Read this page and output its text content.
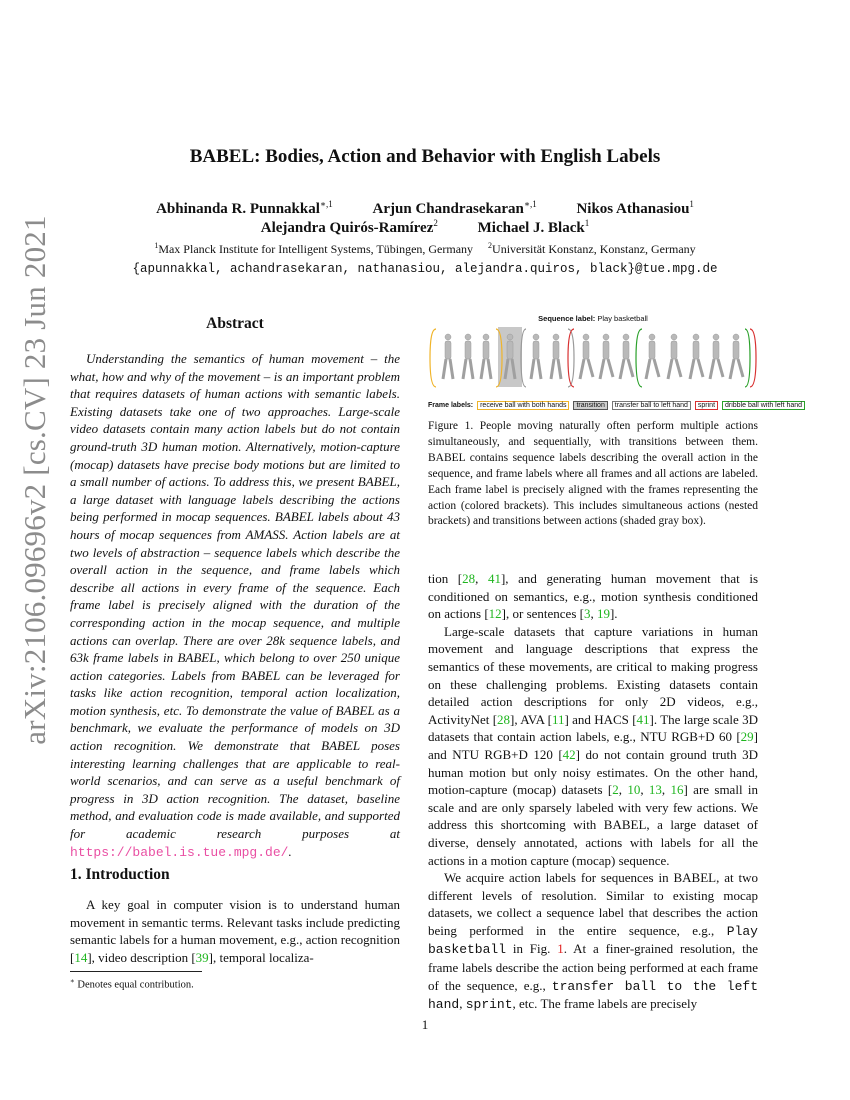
arXiv:2106.09696v2 [cs.CV] 23 Jun 2021
BABEL: Bodies, Action and Behavior with English Labels
Abhinanda R. Punnakkal$^{∗,1}$	Arjun Chandrasekaran$^{∗,1}$	Nikos Athanasiou$^1$
Alejandra Quirós-Ramírez$^2$	Michael J. Black$^1$
$^1$Max Planck Institute for Intelligent Systems, Tübingen, Germany $^2$Universität Konstanz, Konstanz, Germany
{apunnakkal, achandrasekaran, nathanasiou, alejandra.quiros, black}@tue.mpg.de
Abstract

Understanding the semantics of human movement – the what, how and why of the movement – is an important problem that requires datasets of human actions with semantic labels. Existing datasets take one of two approaches. Large-scale video datasets contain many action labels but do not contain ground-truth 3D human motion. Alternatively, motion-capture (mocap) datasets have precise body motions but are limited to a small number of actions. To address this, we present BABEL, a large dataset with language labels describing the actions being performed in mocap sequences. BABEL labels about 43 hours of mocap sequences from AMASS. Action labels are at two levels of abstraction – sequence labels which describe the overall action in the sequence, and frame labels which describe all actions in every frame of the sequence. Each frame label is precisely aligned with the duration of the corresponding action in the mocap sequence, and multiple actions can overlap. There are over 28k sequence labels, and 63k frame labels in BABEL, which belong to over 250 unique action categories. Labels from BABEL can be leveraged for tasks like action recognition, temporal action localization, motion synthesis, etc. To demonstrate the value of BABEL as a benchmark, we evaluate the performance of models on 3D action recognition. We demonstrate that BABEL poses interesting learning challenges that are applicable to real-world scenarios, and can serve as a useful benchmark of progress in 3D action recognition. The dataset, baseline method, and evaluation code is made available, and supported for academic research purposes at https://babel.is.tue.mpg.de/.

Sequence label: Play basketball
Frame labels: receive ball with both hands transition transfer ball to left hand sprint dribble ball with left hand
Figure 1. People moving naturally often perform multiple actions simultaneously, and sequentially, with transitions between them. BABEL contains sequence labels describing the overall action in the sequence, and frame labels where all frames and all actions are labeled. Each frame label is precisely aligned with the frames representing the action (colored brackets). This includes simultaneous actions (nested brackets) and transitions between actions (shaded gray box).
1. Introduction

A key goal in computer vision is to understand human movement in semantic terms. Relevant tasks include predicting semantic labels for a human movement, e.g., action recognition [14], video description [39], temporal localiza-

∗ Denotes equal contribution.

tion [28, 41], and generating human movement that is conditioned on semantics, e.g., motion synthesis conditioned on actions [12], or sentences [3, 19].

Large-scale datasets that capture variations in human movement and language descriptions that express the semantics of these movements, are critical to making progress on these challenging problems. Existing datasets contain detailed action descriptions for only 2D videos, e.g., ActivityNet [28], AVA [11] and HACS [41]. The large scale 3D datasets that contain action labels, e.g., NTU RGB+D 60 [29] and NTU RGB+D 120 [42] do not contain ground truth 3D human motion but only noisy estimates. On the other hand, motion-capture (mocap) datasets [2, 10, 13, 16] are small in scale and are only sparsely labeled with very few actions. We address this shortcoming with BABEL, a large dataset of diverse, densely annotated, actions with labels for all the actions in a motion capture (mocap) sequence.

We acquire action labels for sequences in BABEL, at two different levels of resolution. Similar to existing mocap datasets, we collect a sequence label that describes the action being performed in the entire sequence, e.g., Play basketball in Fig. 1. At a finer-grained resolution, the frame labels describe the action being performed at each frame of the sequence, e.g., transfer ball to the left hand, sprint, etc. The frame labels are precisely

1
